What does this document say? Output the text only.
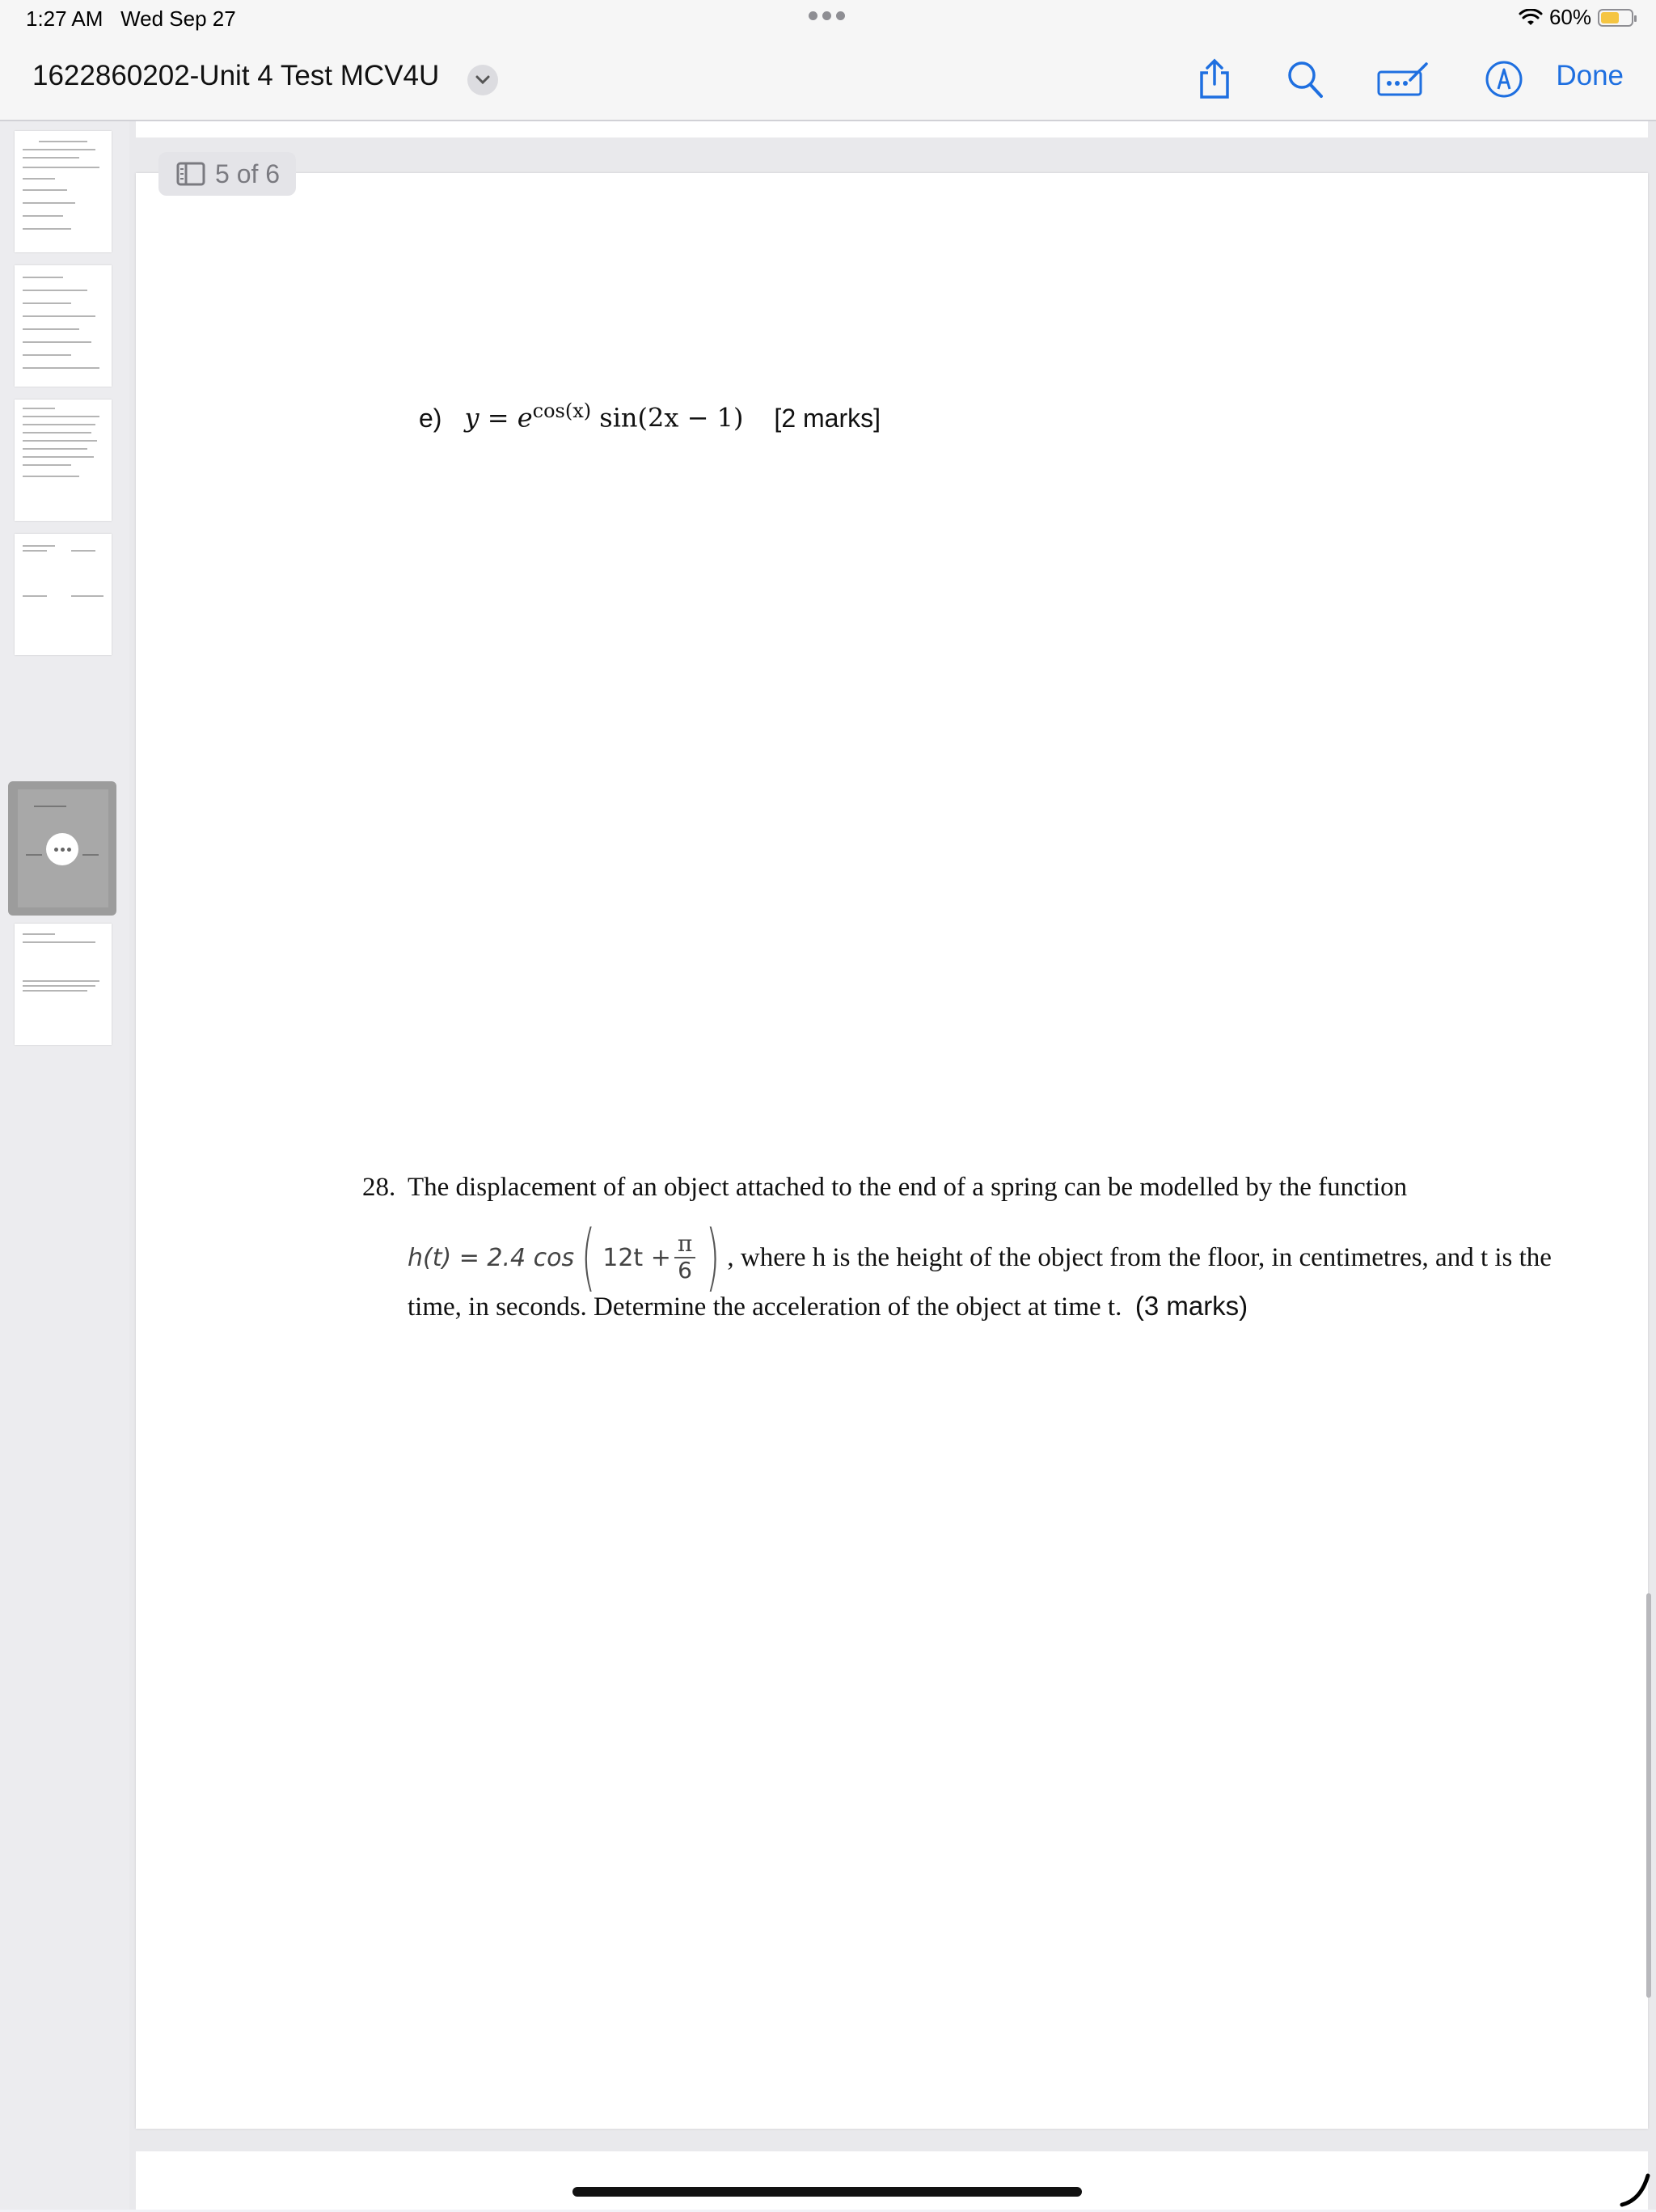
1:27 AM Wed Sep 27	60%
1622860202-Unit 4 Test MCV4U	Done
e) $y = e^{cos(x)}$ sin(2x − 1) [2 marks]
28. The displacement of an object attached to the end of a spring can be modelled by the function
h(t) = 2.4 cos ( $12t + \frac{\pi}{6}$ ) , where h is the height of the object from the floor, in centimetres, and t is the
time, in seconds. Determine the acceleration of the object at time t. (3 marks)
5 of 6
